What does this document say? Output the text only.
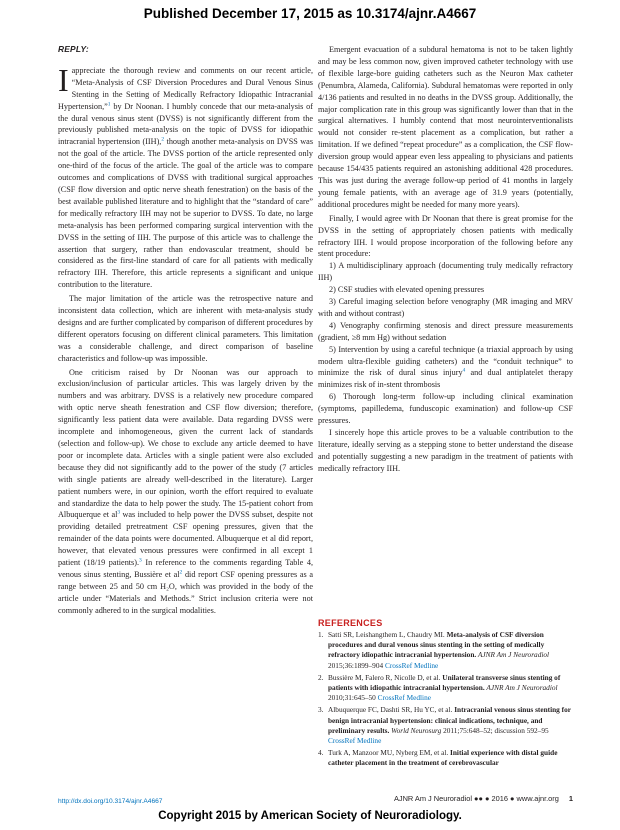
Published December 17, 2015 as 10.3174/ajnr.A4667
REPLY:

Iappreciate the thorough review and comments on our recent article, “Meta-Analysis of CSF Diversion Procedures and Dural Venous Sinus Stenting in the Setting of Medically Refractory Idiopathic Intracranial Hypertension,”$^1$ by Dr Noonan. I humbly concede that our meta-analysis of the dural venous sinus stent (DVSS) is not significantly different from the previously published meta-analysis on the topic of DVSS for idiopathic intracranial hypertension (IIH),$^2$ though another meta-analysis on DVSS was not the goal of the article. The DVSS portion of the article represented only one-third of the focus of the article. The goal of the article was to compare outcomes and complications of DVSS with traditional surgical approaches (CSF flow diversion and optic nerve sheath fenestration) on the basis of the best available published literature and to highlight that the “standard of care” for medically refractory IIH may not be superior to DVSS. To date, no large meta-analysis has been performed comparing surgical intervention with the DVSS in the setting of IIH. The purpose of this article was to challenge the assertion that surgery, rather than endovascular treatment, should be considered as the first-line standard of care for all patients with medically refractory IIH. Therefore, this article represents a significant and unique contribution to the literature.

The major limitation of the article was the retrospective nature and inconsistent data collection, which are inherent with meta-analysis study designs and are further complicated by comparison of different procedures by different operators focusing on different clinical parameters. This limitation was a considerable challenge, and direct comparison of baseline characteristics and follow-up was impossible.

One criticism raised by Dr Noonan was our approach to exclusion/inclusion of particular articles. This was largely driven by the numbers and was arbitrary. DVSS is a relatively new procedure compared with optic nerve sheath fenestration and CSF flow diversion; therefore, significantly less patient data were available. Data regarding DVSS were incomplete and inhomogeneous, given the current lack of standards (selection and follow-up). We chose to exclude any article deemed to have poor or incomplete data. Articles with a single patient were also excluded because they did not significantly add to the power of the study (7 articles with single patients are already well-described in the literature). Larger patient numbers were, in our opinion, worth the effort required to evaluate and standardize the data to help power the study. The 15-patient cohort from Albuquerque et $al^3$ was included to help power the DVSS subset, despite not providing detailed pretreatment CSF opening pressures, given that the remainder of the data points were documented. Albuquerque et al did report, however, that elevated venous pressures were confirmed in all except 1 patient (18/19 patients).$^3$ In reference to the comments regarding Table 4, venous sinus stenting, Bussière et $al^2$ did report CSF opening pressures as a range between 25 and 50 cm H₂O, which was provided in the body of the article under “Materials and Methods.” Strict inclusion criteria were not commonly adhered to in the surgical modalities.

Emergent evacuation of a subdural hematoma is not to be taken lightly and may be less common now, given improved catheter technology with use of flexible large-bore guiding catheters such as the Neuron Max catheter (Penumbra, Alameda, California). Subdural hematomas were reported in only 4/136 patients and resulted in no deaths in the DVSS group. Additionally, the major complication rate in this group was significantly lower than that in the surgical alternatives. I humbly contend that most neurointerventionalists would not consider re-stent placement as a complication, but rather a limitation. If we defined “repeat procedure” as a complication, the CSF flow-diversion group would appear even less appealing to physicians and patients because 154/435 patients required an astonishing additional 428 procedures. This was just during the average follow-up period of 41 months in largely young female patients, with an average age of 31.9 years (potentially, additional procedures might be needed for many more years).

Finally, I would agree with Dr Noonan that there is great promise for the DVSS in the setting of appropriately chosen patients with medically refractory IIH. I would propose incorporation of the following before any stent procedure:

1) A multidisciplinary approach (documenting truly medically refractory IIH)
2) CSF studies with elevated opening pressures
3) Careful imaging selection before venography (MR imaging and MRV with and without contrast)
4) Venography confirming stenosis and direct pressure measurements (gradient, ≥8 mm Hg) without sedation
5) Intervention by using a careful technique (a triaxial approach by using modern ultra-flexible guiding catheters) and the “conduit technique” to minimize the risk of dural sinus injury$^4$ and dual antiplatelet therapy minimizes risk of in-stent thrombosis
6) Thorough long-term follow-up including clinical examination (symptoms, papilledema, funduscopic examination) and follow-up CSF pressures.

I sincerely hope this article proves to be a valuable contribution to the literature, ideally serving as a stepping stone to better understand the disease and potentially suggesting a new paradigm in the treatment of patients with medically refractory IIH.

REFERENCES
1. Satti SR, Leishangthem L, Chaudry MI. Meta-analysis of CSF diversion procedures and dural venous sinus stenting in the setting of medically refractory idiopathic intracranial hypertension. AJNR Am J Neuroradiol 2015;36:1899–904 CrossRef Medline
2. Bussière M, Falero R, Nicolle D, et al. Unilateral transverse sinus stenting of patients with idiopathic intracranial hypertension. AJNR Am J Neuroradiol 2010;31:645–50 CrossRef Medline
3. Albuquerque FC, Dashti SR, Hu YC, et al. Intracranial venous sinus stenting for benign intracranial hypertension: clinical indications, technique, and preliminary results. World Neurosurg 2011;75:648–52; discussion 592–95 CrossRef Medline
4. Turk A, Manzoor MU, Nyberg EM, et al. Initial experience with distal guide catheter placement in the treatment of cerebrovascular
http://dx.doi.org/10.3174/ajnr.A4667	AJNR Am J Neuroradiol ●● ● 2016 ● www.ajnr.org 1
Copyright 2015 by American Society of Neuroradiology.
